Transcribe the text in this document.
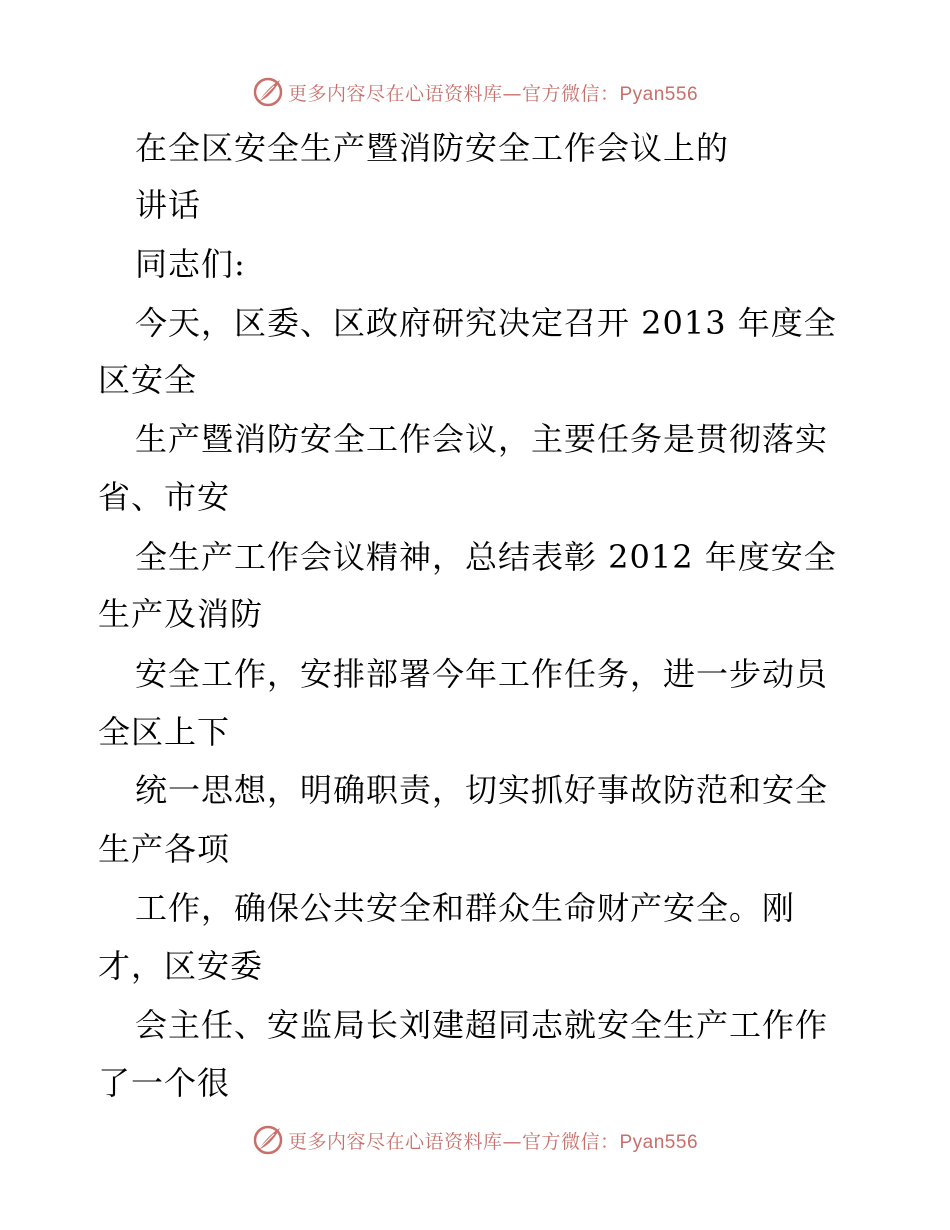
更多内容尽在心语资料库—官方微信：Pyan556
在全区安全生产暨消防安全工作会议上的
讲话
同志们:
今天，区委、区政府研究决定召开 2013 年度全
区安全
生产暨消防安全工作会议，主要任务是贯彻落实
省、市安
全生产工作会议精神，总结表彰 2012 年度安全
生产及消防
安全工作，安排部署今年工作任务，进一步动员
全区上下
统一思想，明确职责，切实抓好事故防范和安全
生产各项
工作，确保公共安全和群众生命财产安全。刚
才，区安委
会主任、安监局长刘建超同志就安全生产工作作
了一个很
更多内容尽在心语资料库—官方微信：Pyan556
